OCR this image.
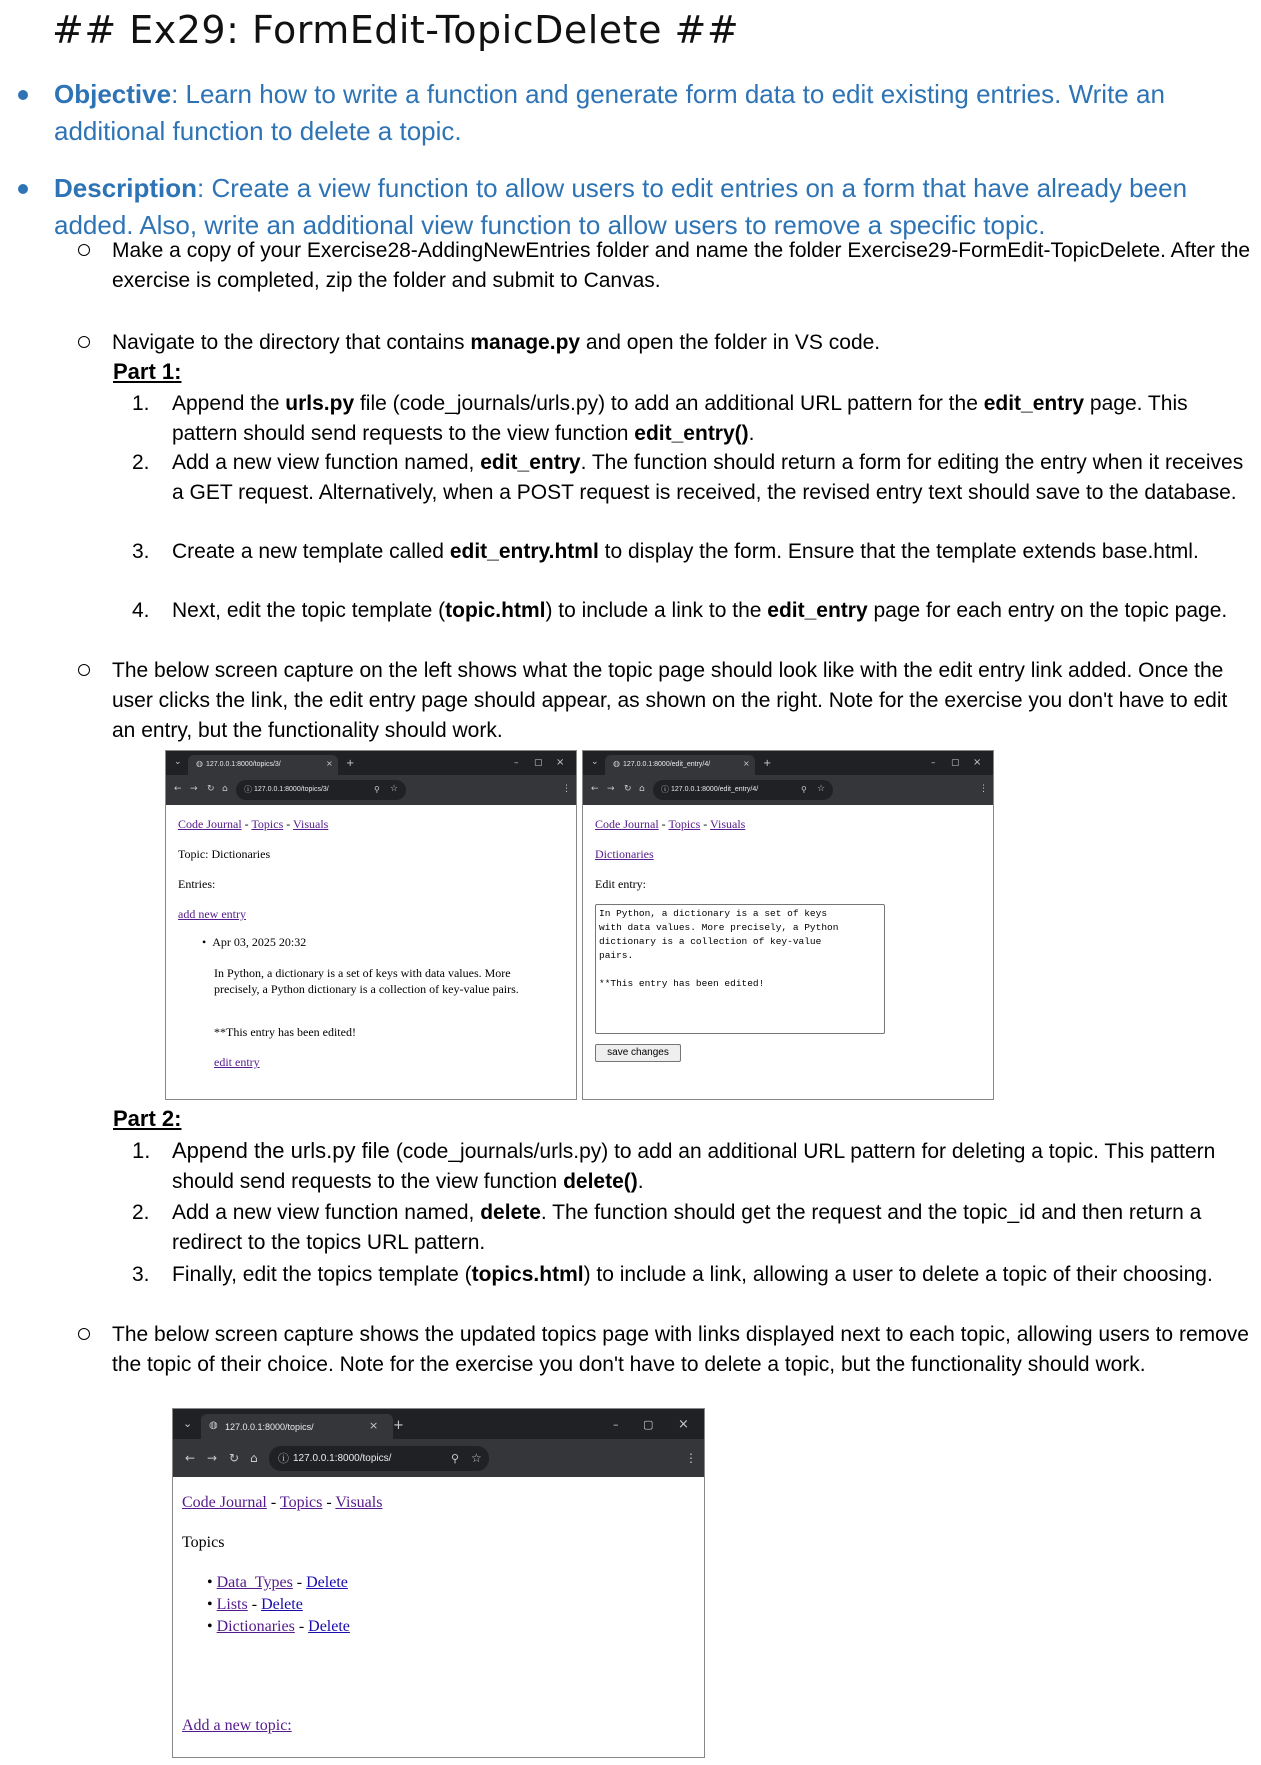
## Ex29: FormEdit-TopicDelete ##
Objective: Learn how to write a function and generate form data to edit existing entries. Write an additional function to delete a topic.
Description: Create a view function to allow users to edit entries on a form that have already been added. Also, write an additional view function to allow users to remove a specific topic.
Make a copy of your Exercise28-AddingNewEntries folder and name the folder Exercise29-FormEdit-TopicDelete. After the exercise is completed, zip the folder and submit to Canvas.
Navigate to the directory that contains manage.py and open the folder in VS code.
Part 1:
1.	Append the urls.py file (code_journals/urls.py) to add an additional URL pattern for the edit_entry page. This pattern should send requests to the view function edit_entry().
2.	Add a new view function named, edit_entry. The function should return a form for editing the entry when it receives a GET request. Alternatively, when a POST request is received, the revised entry text should save to the database.
3.	Create a new template called edit_entry.html to display the form. Ensure that the template extends base.html.
4.	Next, edit the topic template (topic.html) to include a link to the edit_entry page for each entry on the topic page.
The below screen capture on the left shows what the topic page should look like with the edit entry link added. Once the user clicks the link, the edit entry page should appear, as shown on the right. Note for the exercise you don't have to edit an entry, but the functionality should work.
⌄	127.0.0.1:8000/topics/3/
◍	× +	– ▢ ×
← → ↻ ⌂	127.0.0.1:8000/topics/3/
ⓘ	⚲ ☆	⋮
Code Journal - Topics - Visuals
Topic: Dictionaries
Entries:
add new entry
•  Apr 03, 2025 20:32
In Python, a dictionary is a set of keys with data values. More precisely, a Python dictionary is a collection of key-value pairs.
**This entry has been edited!
edit entry
⌄	127.0.0.1:8000/edit_entry/4/
◍	× +	– ▢ ×
← → ↻ ⌂	127.0.0.1:8000/edit_entry/4/
ⓘ	⚲ ☆	⋮
Code Journal - Topics - Visuals
Dictionaries
Edit entry:
In Python, a dictionary is a set of keys
with data values. More precisely, a Python
dictionary is a collection of key-value
pairs.
**This entry has been edited!
save changes
Part 2:
1. Append the urls.py file (code_journals/urls.py) to add an additional URL pattern for deleting a topic. This pattern should send requests to the view function delete().
2.	Add a new view function named, delete. The function should get the request and the topic_id and then return a redirect to the topics URL pattern.
3.	Finally, edit the topics template (topics.html) to include a link, allowing a user to delete a topic of their choosing.
The below screen capture shows the updated topics page with links displayed next to each topic, allowing users to remove the topic of their choice. Note for the exercise you don't have to delete a topic, but the functionality should work.
⌄	127.0.0.1:8000/topics/
◍	× +	– ▢ ×
← → ↻ ⌂	127.0.0.1:8000/topics/
ⓘ	⚲ ☆	⋮
Code Journal - Topics - Visuals
Topics
• Data_Types - Delete
• Lists - Delete
• Dictionaries - Delete
Add a new topic:
